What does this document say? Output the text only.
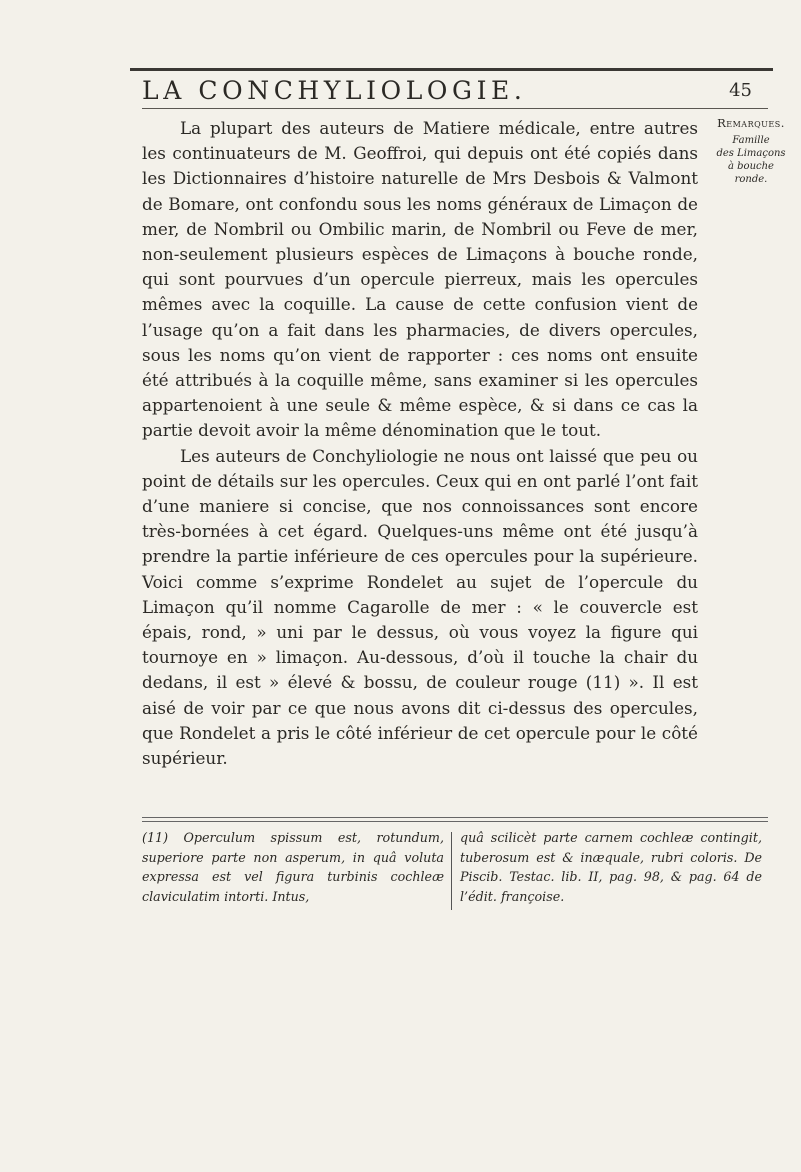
LA CONCHYLIOLOGIE.	45
Remarques.
Famille
des Limaçons
à bouche
ronde.

La plupart des auteurs de Matiere médicale, entre autres les continuateurs de M. Geoffroi, qui depuis ont été copiés dans les Dictionnaires d’histoire naturelle de Mrs Desbois & Valmont de Bomare, ont confondu sous les noms généraux de Limaçon de mer, de Nombril ou Ombilic marin, de Nombril ou Feve de mer, non-seulement plusieurs espèces de Limaçons à bouche ronde, qui sont pourvues d’un opercule pierreux, mais les opercules mêmes avec la coquille. La cause de cette confusion vient de l’usage qu’on a fait dans les pharmacies, de divers opercules, sous les noms qu’on vient de rapporter : ces noms ont ensuite été attribués à la coquille même, sans examiner si les opercules appartenoient à une seule & même espèce, & si dans ce cas la partie devoit avoir la même dénomination que le tout.

Les auteurs de Conchyliologie ne nous ont laissé que peu ou point de détails sur les opercules. Ceux qui en ont parlé l’ont fait d’une maniere si concise, que nos connoissances sont encore très-bornées à cet égard. Quelques-uns même ont été jusqu’à prendre la partie inférieure de ces opercules pour la supérieure. Voici comme s’exprime Rondelet au sujet de l’opercule du Limaçon qu’il nomme Cagarolle de mer : « le couvercle est épais, rond, » uni par le dessus, où vous voyez la figure qui tournoye en » limaçon. Au-dessous, d’où il touche la chair du dedans, il est » élevé & bossu, de couleur rouge (11) ». Il est aisé de voir par ce que nous avons dit ci-dessus des opercules, que Rondelet a pris le côté inférieur de cet opercule pour le côté supérieur.

(11) Operculum spissum est, rotundum, superiore parte non asperum, in quâ voluta expressa est vel figura turbinis cochleæ claviculatim intorti. Intus,
quâ scilicèt parte carnem cochleæ contingit, tuberosum est & inæquale, rubri coloris. De Piscib. Testac. lib. II, pag. 98, & pag. 64 de l’édit. françoise.
